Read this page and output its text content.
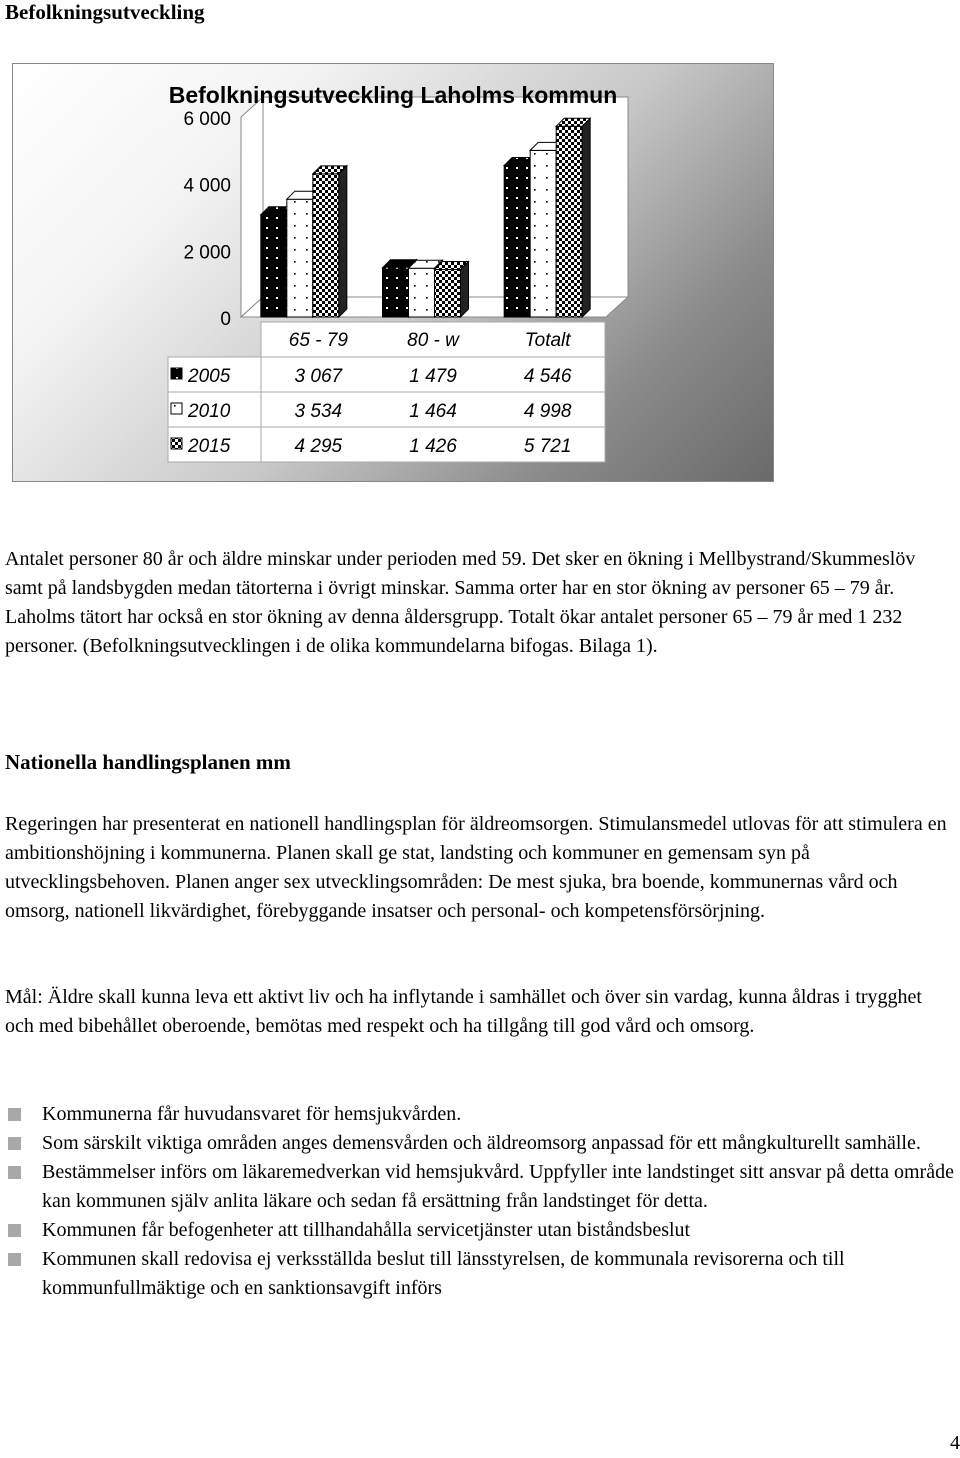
Befolkningsutveckling
0
2 000
4 000
6 000
65 - 79	80 - w	Totalt
2005	3 067	1 479	4 546
2010	3 534	1 464	4 998
2015	4 295	1 426	5 721
Befolkningsutveckling Laholms kommun

Antalet personer 80 år och äldre minskar under perioden med 59. Det sker en ökning i Mellbystrand/Skummeslöv samt på landsbygden medan tätorterna i övrigt minskar. Samma orter har en stor ökning av personer 65 – 79 år. Laholms tätort har också en stor ökning av denna åldersgrupp. Totalt ökar antalet personer 65 – 79 år med 1 232 personer. (Befolkningsutvecklingen i de olika kommundelarna bifogas. Bilaga 1).

Nationella handlingsplanen mm

Regeringen har presenterat en nationell handlingsplan för äldreomsorgen. Stimulansmedel utlovas för att stimulera en ambitionshöjning i kommunerna. Planen skall ge stat, landsting och kommuner en gemensam syn på utvecklingsbehoven. Planen anger sex utvecklingsområden: De mest sjuka, bra boende, kommunernas vård och omsorg, nationell likvärdighet, förebyggande insatser och personal- och kompetensförsörjning.

Mål: Äldre skall kunna leva ett aktivt liv och ha inflytande i samhället och över sin vardag, kunna åldras i trygghet och med bibehållet oberoende, bemötas med respekt och ha tillgång till god vård och omsorg.

Kommunerna får huvudansvaret för hemsjukvården.
Som särskilt viktiga områden anges demensvården och äldreomsorg anpassad för ett mångkulturellt samhälle.
Bestämmelser införs om läkaremedverkan vid hemsjukvård. Uppfyller inte landstinget sitt ansvar på detta område kan kommunen själv anlita läkare och sedan få ersättning från landstinget för detta.
Kommunen får befogenheter att tillhandahålla servicetjänster utan biståndsbeslut
Kommunen skall redovisa ej verksställda beslut till länsstyrelsen, de kommunala revisorerna och till kommunfullmäktige och en sanktionsavgift införs
4
